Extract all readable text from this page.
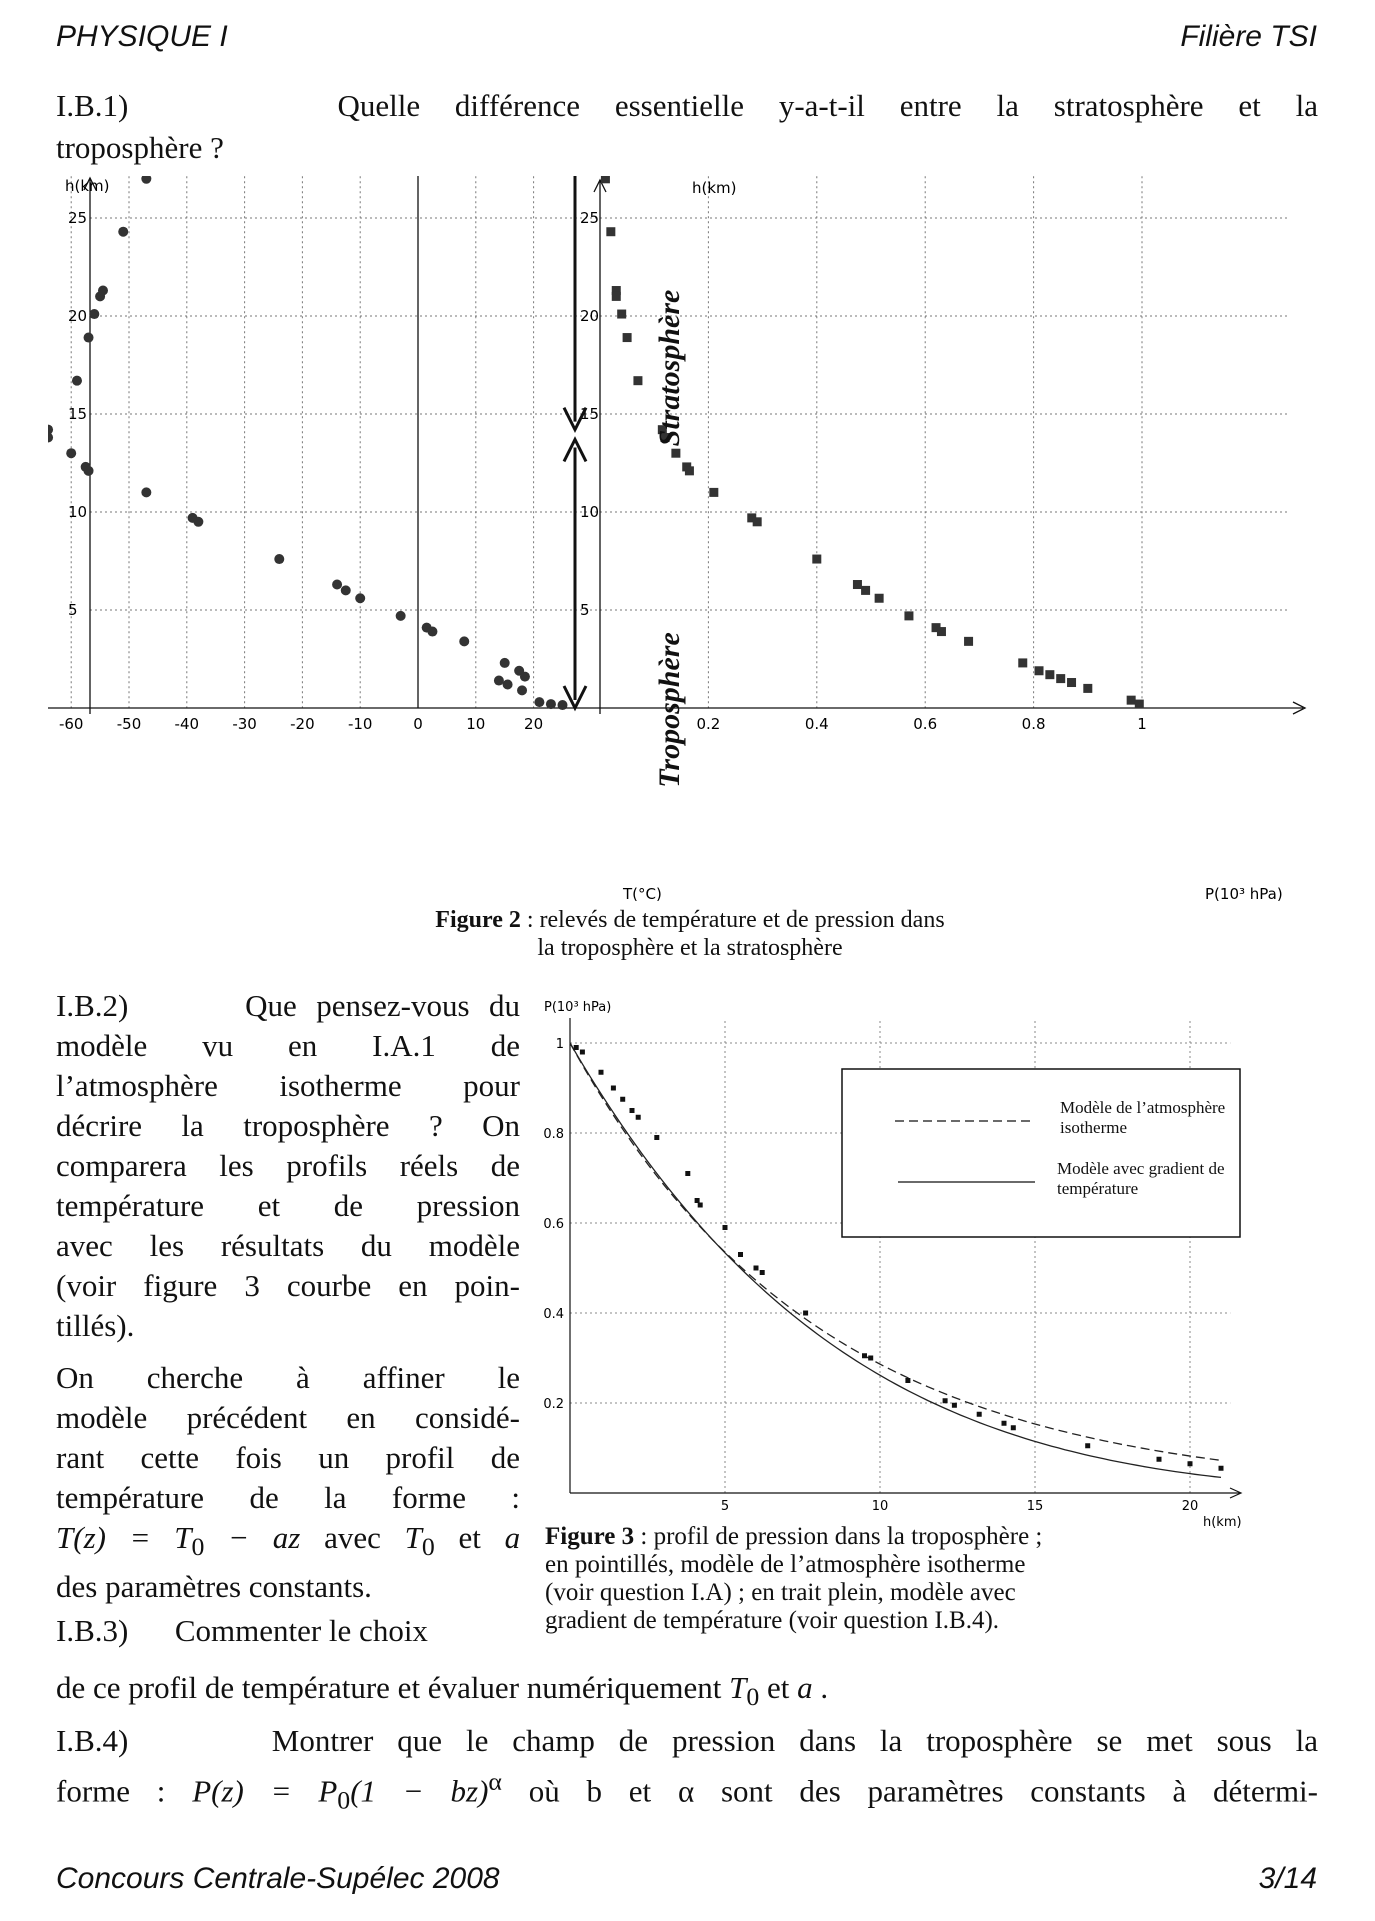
PHYSIQUE I	Filière TSI
I.B.1)	Quelle différence essentielle y-a-t-il entre la stratosphère et la
troposphère ?
-60 -50 -40 -30 -20 -10	0	10	20	0.2	0.4	0.6	0.8	1
5	5
10	10
15	15
20	20
25	25
h(km)	h(km)
T(°C)	P(10³ hPa)
Stratosphère
Troposphère
Figure 2 : relevés de température et de pression dans
la troposphère et la stratosphère
I.B.2)	Que pensez-vous du
modèle vu en I.A.1 de
l’atmosphère isotherme pour
décrire la troposphère ? On
comparera les profils réels de
température et de pression
avec les résultats du modèle
(voir figure 3 courbe en poin-
tillés).
On cherche à affiner le
modèle précédent en considé-
rant cette fois un profil de
température de la forme :
$T(z) = T_0$ − az avec $T_0$ et a
des paramètres constants.
I.B.3) Commenter le choix
5	10	15	20
0.2
0.4
0.6
0.8
1
P(10³ hPa)
h(km)
Modèle de l’atmosphère isotherme
Modèle avec gradient de température
Figure 3 : profil de pression dans la troposphère ;
en pointillés, modèle de l’atmosphère isotherme
(voir question I.A) ; en trait plein, modèle avec
gradient de température (voir question I.B.4).
de ce profil de température et évaluer numériquement $T_0$ et a .
I.B.4)	Montrer que le champ de pression dans la troposphère se met sous la
forme : $P(z) = P_0(1 - bz)^\alpha$ où b et α sont des paramètres constants à détermi-
Concours Centrale-Supélec 2008	3/14
